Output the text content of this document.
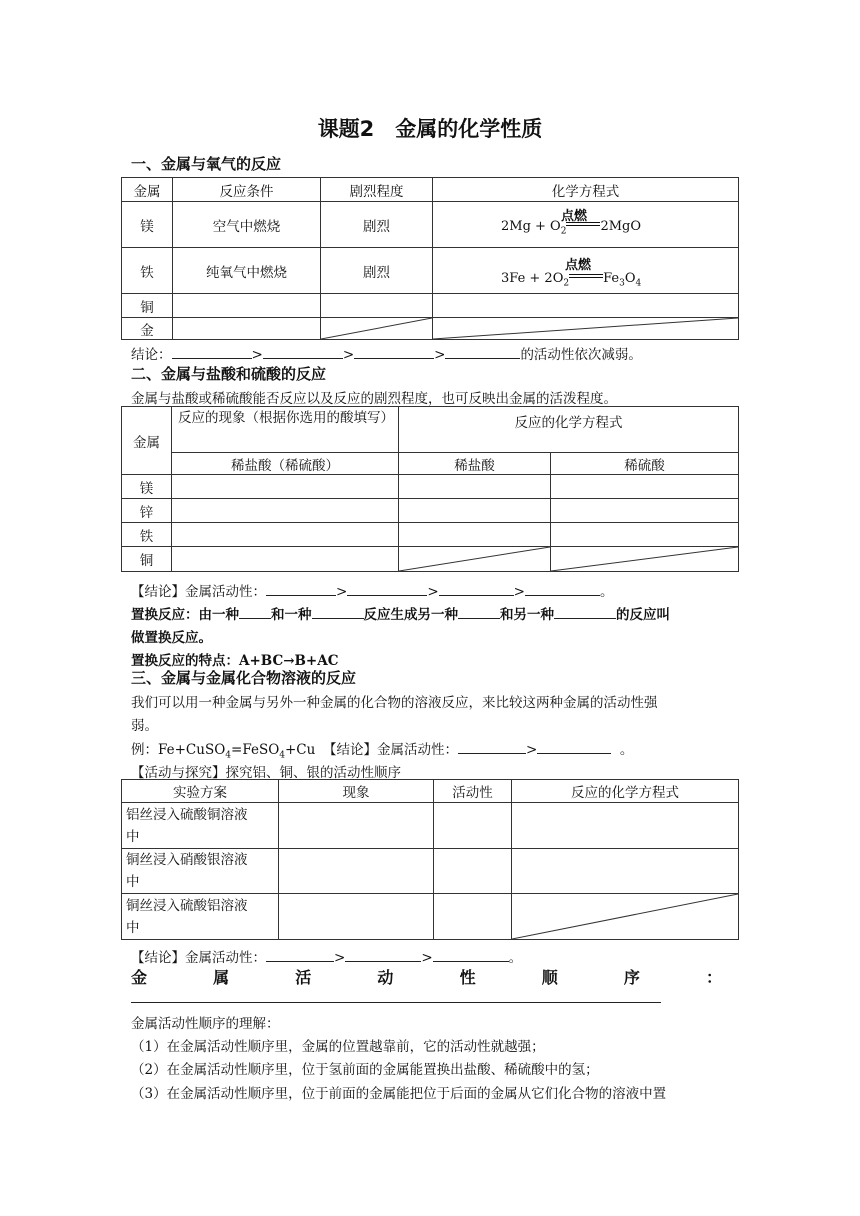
课题2　金属的化学性质
一、金属与氧气的反应
金属	反应条件	剧烈程度	化学方程式
镁	空气中燃烧	剧烈	$2Mg + O_2$ 2MgO
点燃

铁	纯氧气中燃烧	剧烈	$3Fe + 2O_2$ $Fe_3O_4$
点燃

铜			
金		

结论：	>	>	>	的活动性依次减弱。
二、金属与盐酸和硫酸的反应
金属与盐酸或稀硫酸能否反应以及反应的剧烈程度，也可反映出金属的活泼程度。
金属	反应的现象（根据你选用的酸填写）	反应的化学方程式	
	稀盐酸（稀硫酸）	稀盐酸	稀硫酸
镁			
锌			
铁			
铜		

【结论】金属活动性：	>	>	>	。
置换反应：由一种 和一种	反应生成另一种	和另一种	的反应叫
做置换反应。
置换反应的特点：A+BC→B+AC
三、金属与金属化合物溶液的反应
我们可以用一种金属与另外一种金属的化合物的溶液反应，来比较这两种金属的活动性强
弱。
例：Fe+CuSO$_4$=FeSO$_4$+Cu 【结论】金属活动性：	>	。
【活动与探究】探究铝、铜、银的活动性顺序
实验方案	现象	活动性	反应的化学方程式
铝丝浸入硫酸铜溶液
中			
铜丝浸入硝酸银溶液
中			
铜丝浸入硫酸铝溶液
中			
【结论】金属活动性：	>	>	。
金	属	活	动	性	顺	序	：
金属活动性顺序的理解：
（1）在金属活动性顺序里，金属的位置越靠前，它的活动性就越强；
（2）在金属活动性顺序里，位于氢前面的金属能置换出盐酸、稀硫酸中的氢；
（3）在金属活动性顺序里，位于前面的金属能把位于后面的金属从它们化合物的溶液中置
